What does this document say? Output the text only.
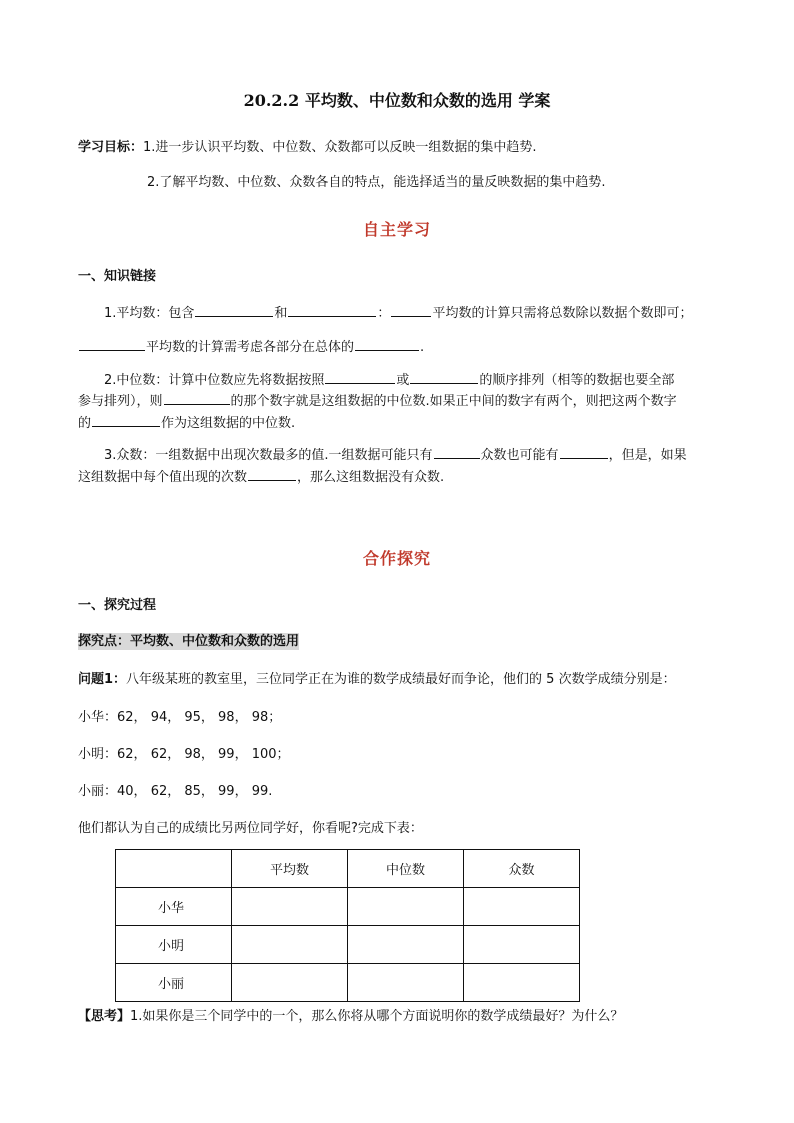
20.2.2 平均数、中位数和众数的选用 学案
学习目标：1.进一步认识平均数、中位数、众数都可以反映一组数据的集中趋势.
2.了解平均数、中位数、众数各自的特点，能选择适当的量反映数据的集中趋势.
自主学习
一、知识链接
1.平均数：包含	和	：	平均数的计算只需将总数除以数据个数即可；
平均数的计算需考虑各部分在总体的	.
2.中位数：计算中位数应先将数据按照	或	的顺序排列（相等的数据也要全部
参与排列），则	的那个数字就是这组数据的中位数.如果正中间的数字有两个，则把这两个数字
的	作为这组数据的中位数.
3.众数：一组数据中出现次数最多的值.一组数据可能只有	众数也可能有	，但是，如果
这组数据中每个值出现的次数	，那么这组数据没有众数.
合作探究
一、探究过程
探究点：平均数、中位数和众数的选用
问题1：八年级某班的教室里，三位同学正在为谁的数学成绩最好而争论，他们的 5 次数学成绩分别是：
小华：62， 94， 95， 98， 98；
小明：62， 62， 98， 99， 100；
小丽：40， 62， 85， 99， 99.
他们都认为自己的成绩比另两位同学好，你看呢?完成下表：
	平均数	中位数	众数
小华			
小明			
小丽			
【思考】1.如果你是三个同学中的一个，那么你将从哪个方面说明你的数学成绩最好？为什么？
